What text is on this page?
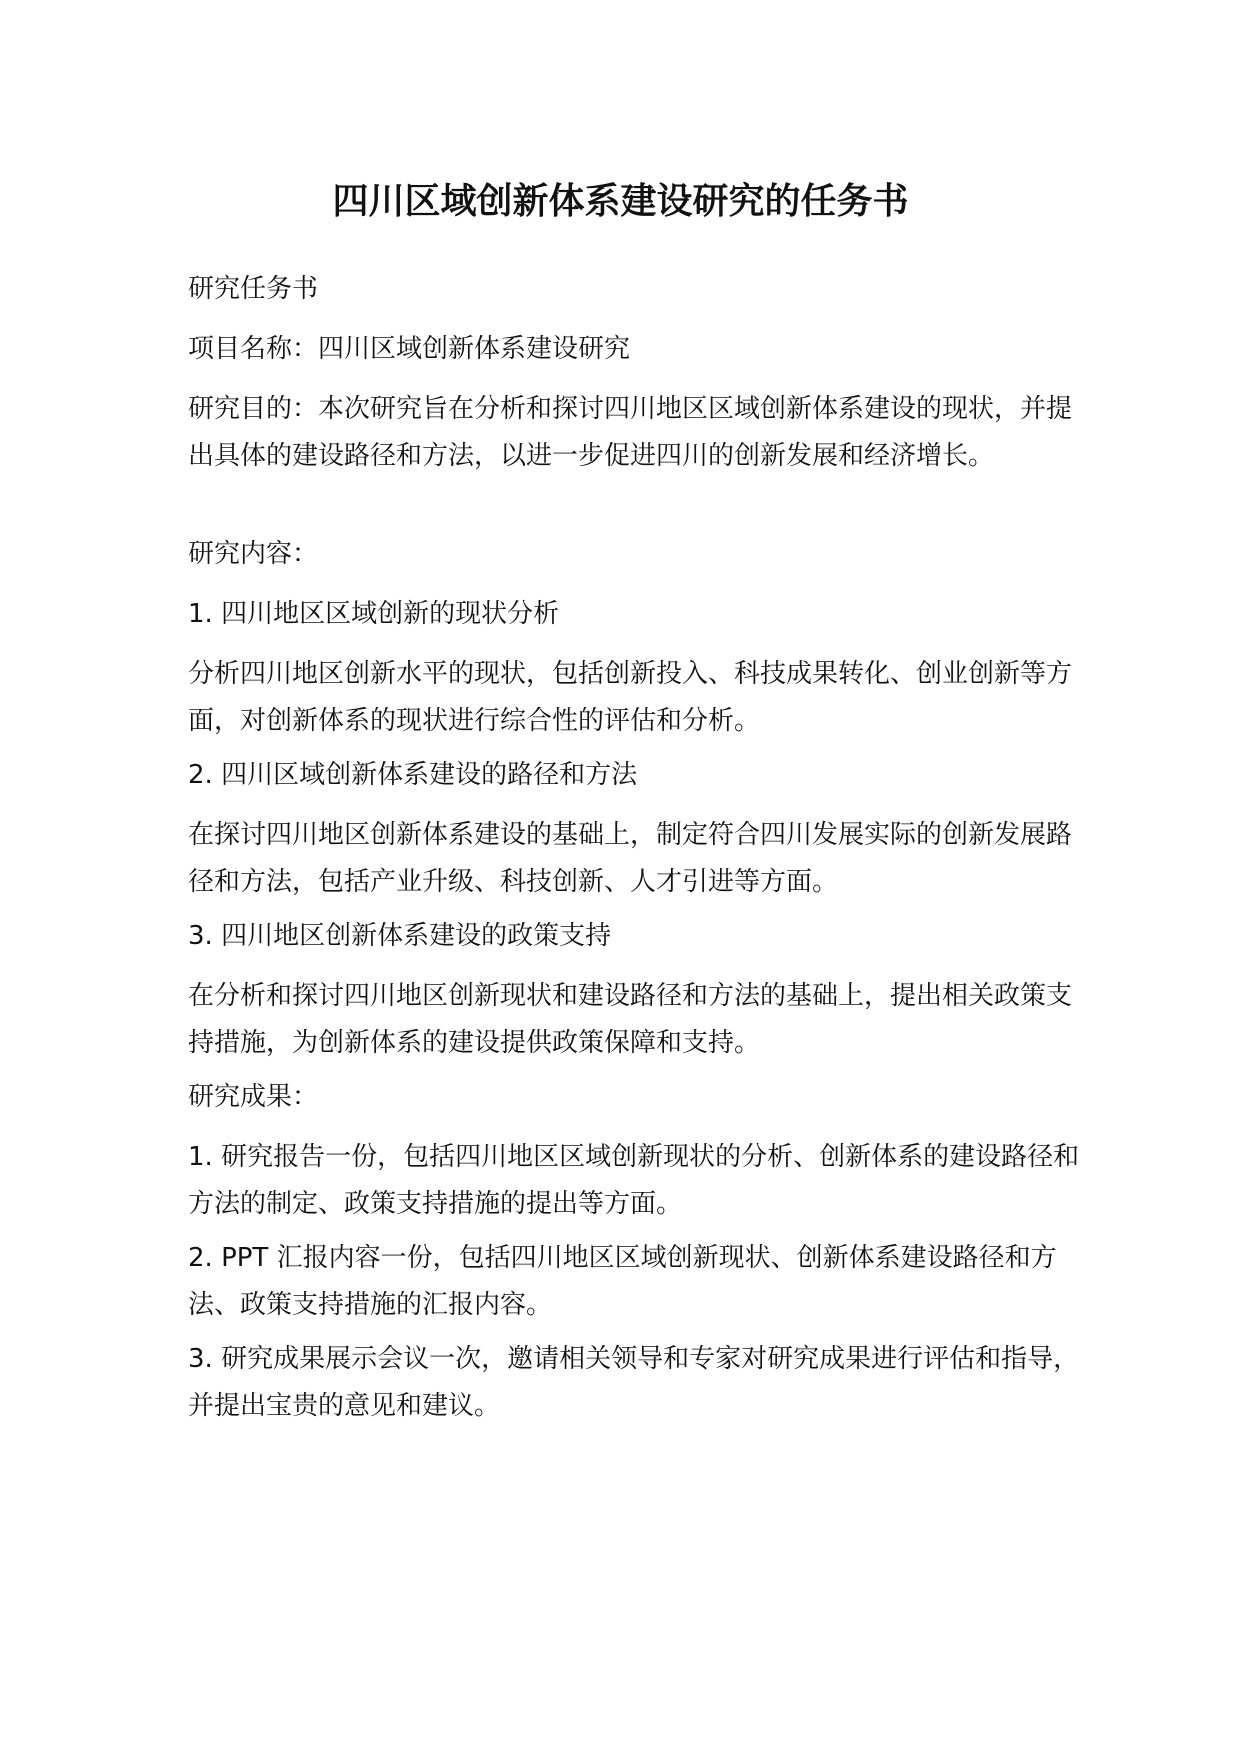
四川区域创新体系建设研究的任务书

研究任务书

项目名称：四川区域创新体系建设研究

研究目的：本次研究旨在分析和探讨四川地区区域创新体系建设的现状，并提出具体的建设路径和方法，以进一步促进四川的创新发展和经济增长。

研究内容：

1. 四川地区区域创新的现状分析

分析四川地区创新水平的现状，包括创新投入、科技成果转化、创业创新等方面，对创新体系的现状进行综合性的评估和分析。

2. 四川区域创新体系建设的路径和方法

在探讨四川地区创新体系建设的基础上，制定符合四川发展实际的创新发展路径和方法，包括产业升级、科技创新、人才引进等方面。

3. 四川地区创新体系建设的政策支持

在分析和探讨四川地区创新现状和建设路径和方法的基础上，提出相关政策支持措施，为创新体系的建设提供政策保障和支持。

研究成果：

1. 研究报告一份，包括四川地区区域创新现状的分析、创新体系的建设路径和方法的制定、政策支持措施的提出等方面。

2. PPT 汇报内容一份，包括四川地区区域创新现状、创新体系建设路径和方法、政策支持措施的汇报内容。

3. 研究成果展示会议一次，邀请相关领导和专家对研究成果进行评估和指导，并提出宝贵的意见和建议。
